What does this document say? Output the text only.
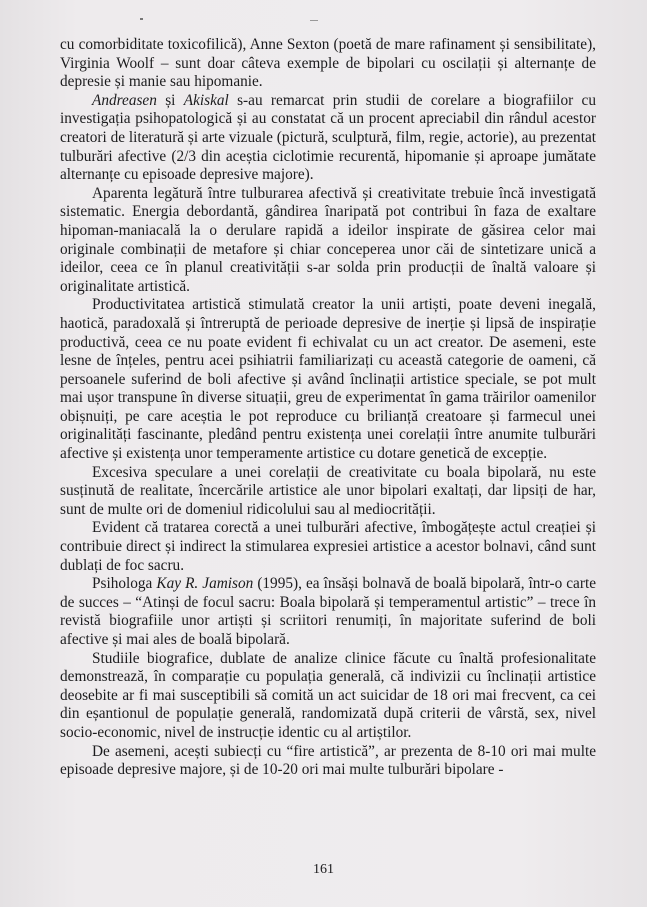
cu comorbiditate toxicofilică), Anne Sexton (poetă de mare rafinament și sensibilitate), Virginia Woolf – sunt doar câteva exemple de bipolari cu oscilații și alternanțe de depresie și manie sau hipomanie.

Andreasen și Akiskal s-au remarcat prin studii de corelare a biografiilor cu investigația psihopatologică și au constatat că un procent apreciabil din rândul acestor creatori de literatură și arte vizuale (pictură, sculptură, film, regie, actorie), au prezentat tulburări afective (2/3 din aceștia ciclotimie recurentă, hipomanie și aproape jumătate alternanțe cu episoade depresive majore).

Aparenta legătură între tulburarea afectivă și creativitate trebuie încă investigată sistematic. Energia debordantă, gândirea înaripată pot contribui în faza de exaltare hipoman-maniacală la o derulare rapidă a ideilor inspirate de găsirea celor mai originale combinații de metafore și chiar conceperea unor căi de sintetizare unică a ideilor, ceea ce în planul creativității s-ar solda prin producții de înaltă valoare și originalitate artistică.

Productivitatea artistică stimulată creator la unii artiști, poate deveni inegală, haotică, paradoxală și întreruptă de perioade depresive de inerție și lipsă de inspirație productivă, ceea ce nu poate evident fi echivalat cu un act creator. De asemeni, este lesne de înțeles, pentru acei psihiatrii familiarizați cu această categorie de oameni, că persoanele suferind de boli afective și având înclinații artistice speciale, se pot mult mai ușor transpune în diverse situații, greu de experimentat în gama trăirilor oamenilor obișnuiți, pe care aceștia le pot reproduce cu brilianță creatoare și farmecul unei originalități fascinante, pledând pentru existența unei corelații între anumite tulburări afective și existența unor temperamente artistice cu dotare genetică de excepție.

Excesiva speculare a unei corelații de creativitate cu boala bipolară, nu este susținută de realitate, încercările artistice ale unor bipolari exaltați, dar lipsiți de har, sunt de multe ori de domeniul ridicolului sau al mediocrității.

Evident că tratarea corectă a unei tulburări afective, îmbogățește actul creației și contribuie direct și indirect la stimularea expresiei artistice a acestor bolnavi, când sunt dublați de foc sacru.

Psihologa Kay R. Jamison (1995), ea însăși bolnavă de boală bipolară, într-o carte de succes – “Atinși de focul sacru: Boala bipolară și temperamentul artistic” – trece în revistă biografiile unor artiști și scriitori renumiți, în majoritate suferind de boli afective și mai ales de boală bipolară.

Studiile biografice, dublate de analize clinice făcute cu înaltă profesionalitate demonstrează, în comparație cu populația generală, că indivizii cu înclinații artistice deosebite ar fi mai susceptibili să comită un act suicidar de 18 ori mai frecvent, ca cei din eșantionul de populație generală, randomizată după criterii de vârstă, sex, nivel socio-economic, nivel de instrucție identic cu al artiștilor.

De asemeni, acești subiecți cu “fire artistică”, ar prezenta de 8-10 ori mai multe episoade depresive majore, și de 10-20 ori mai multe tulburări bipolare -

161
